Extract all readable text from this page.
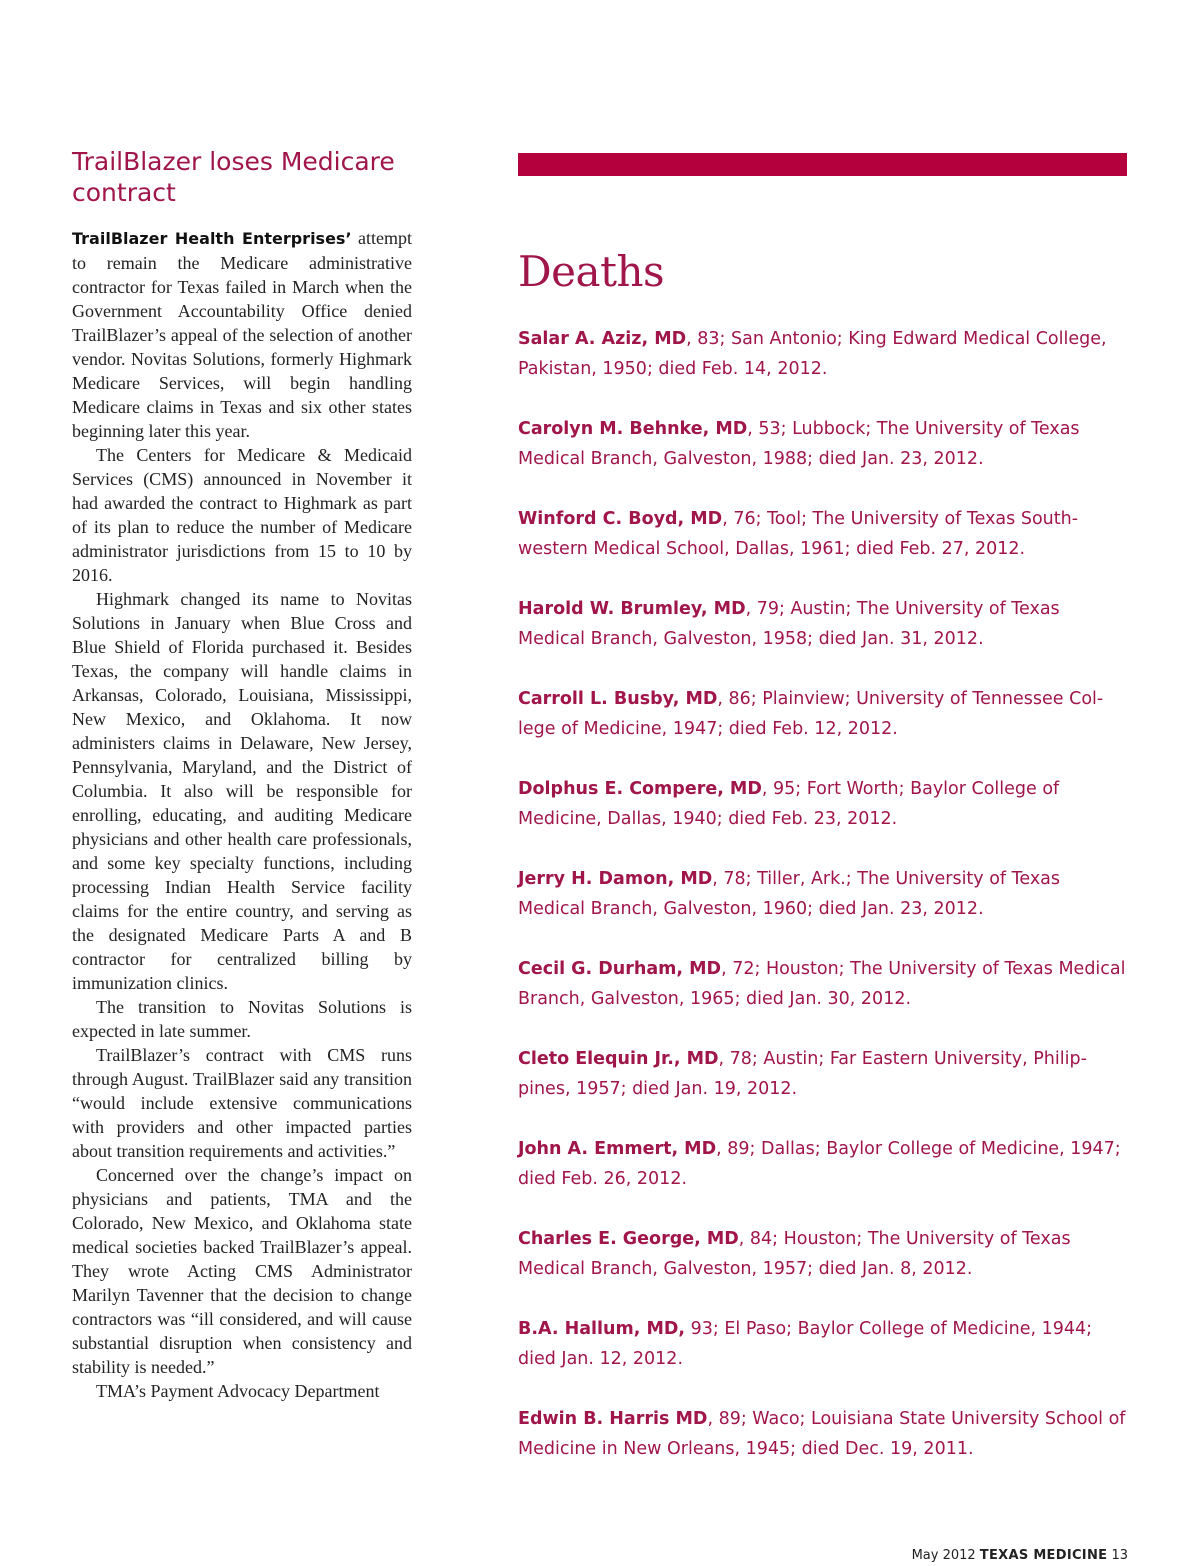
TrailBlazer loses Medicare contract

TrailBlazer Health Enterprises’ attempt to remain the Medicare administrative contractor for Texas failed in March when the Government Accountability Office denied TrailBlazer’s appeal of the selection of another vendor. Novitas Solutions, formerly Highmark Medicare Services, will begin handling Medicare claims in Texas and six other states beginning later this year.

The Centers for Medicare & Medicaid Services (CMS) announced in November it had awarded the contract to Highmark as part of its plan to reduce the number of Medicare administrator jurisdictions from 15 to 10 by 2016.

Highmark changed its name to Novitas Solutions in January when Blue Cross and Blue Shield of Florida purchased it. Besides Texas, the company will handle claims in Arkansas, Colorado, Louisiana, Mississippi, New Mexico, and Oklahoma. It now administers claims in Delaware, New Jersey, Pennsylvania, Maryland, and the District of Columbia. It also will be responsible for enrolling, educating, and auditing Medicare physicians and other health care professionals, and some key specialty functions, including processing Indian Health Service facility claims for the entire country, and serving as the designated Medicare Parts A and B contractor for centralized billing by immunization clinics.

The transition to Novitas Solutions is expected in late summer.

TrailBlazer’s contract with CMS runs through August. TrailBlazer said any transition “would include extensive communications with providers and other impacted parties about transition requirements and activities.”

Concerned over the change’s impact on physicians and patients, TMA and the Colorado, New Mexico, and Oklahoma state medical societies backed TrailBlazer’s appeal. They wrote Acting CMS Administrator Marilyn Tavenner that the decision to change contractors was “ill considered, and will cause substantial disruption when consistency and stability is needed.”

TMA’s Payment Advocacy Department

Deaths

Salar A. Aziz, MD, 83; San Antonio; King Edward Medical College, Pakistan, 1950; died Feb. 14, 2012.

Carolyn M. Behnke, MD, 53; Lubbock; The University of Texas Medical Branch, Galveston, 1988; died Jan. 23, 2012.

Winford C. Boyd, MD, 76; Tool; The University of Texas Southwestern Medical School, Dallas, 1961; died Feb. 27, 2012.

Harold W. Brumley, MD, 79; Austin; The University of Texas Medical Branch, Galveston, 1958; died Jan. 31, 2012.

Carroll L. Busby, MD, 86; Plainview; University of Tennessee College of Medicine, 1947; died Feb. 12, 2012.

Dolphus E. Compere, MD, 95; Fort Worth; Baylor College of Medicine, Dallas, 1940; died Feb. 23, 2012.

Jerry H. Damon, MD, 78; Tiller, Ark.; The University of Texas Medical Branch, Galveston, 1960; died Jan. 23, 2012.

Cecil G. Durham, MD, 72; Houston; The University of Texas Medical Branch, Galveston, 1965; died Jan. 30, 2012.

Cleto Elequin Jr., MD, 78; Austin; Far Eastern University, Philippines, 1957; died Jan. 19, 2012.

John A. Emmert, MD, 89; Dallas; Baylor College of Medicine, 1947; died Feb. 26, 2012.

Charles E. George, MD, 84; Houston; The University of Texas Medical Branch, Galveston, 1957; died Jan. 8, 2012.

B.A. Hallum, MD, 93; El Paso; Baylor College of Medicine, 1944; died Jan. 12, 2012.

Edwin B. Harris MD, 89; Waco; Louisiana State University School of Medicine in New Orleans, 1945; died Dec. 19, 2011.

May 2012 TEXAS MEDICINE 13
